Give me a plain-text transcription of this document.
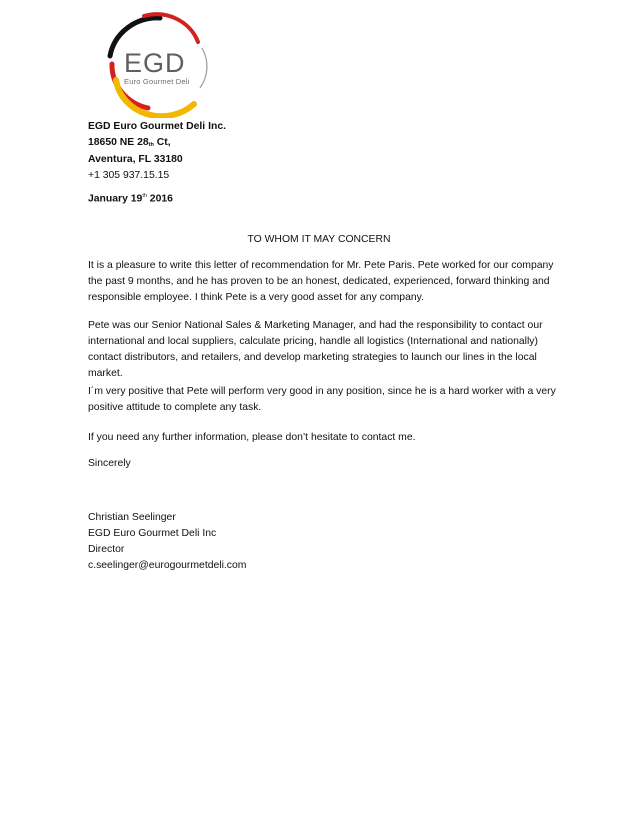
EGD
Euro Gourmet Deli
EGD Euro Gourmet Deli Inc.
18650 NE 28th Ct,
Aventura, FL 33180
+1 305 937.15.15
January 19th 2016
TO WHOM IT MAY CONCERN

It is a pleasure to write this letter of recommendation for Mr. Pete Paris. Pete worked for our company the past 9 months, and he has proven to be an honest, dedicated, experienced, forward thinking and responsible employee. I think Pete is a very good asset for any company.

Pete was our Senior National Sales & Marketing Manager, and had the responsibility to contact our international and local suppliers, calculate pricing, handle all logistics (International and nationally) contact distributors, and retailers, and develop marketing strategies to launch our lines in the local market.

I´m very positive that Pete will perform very good in any position, since he is a hard worker with a very positive attitude to complete any task.

If you need any further information, please don’t hesitate to contact me.

Sincerely

Christian Seelinger
EGD Euro Gourmet Deli Inc
Director
c.seelinger@eurogourmetdeli.com
